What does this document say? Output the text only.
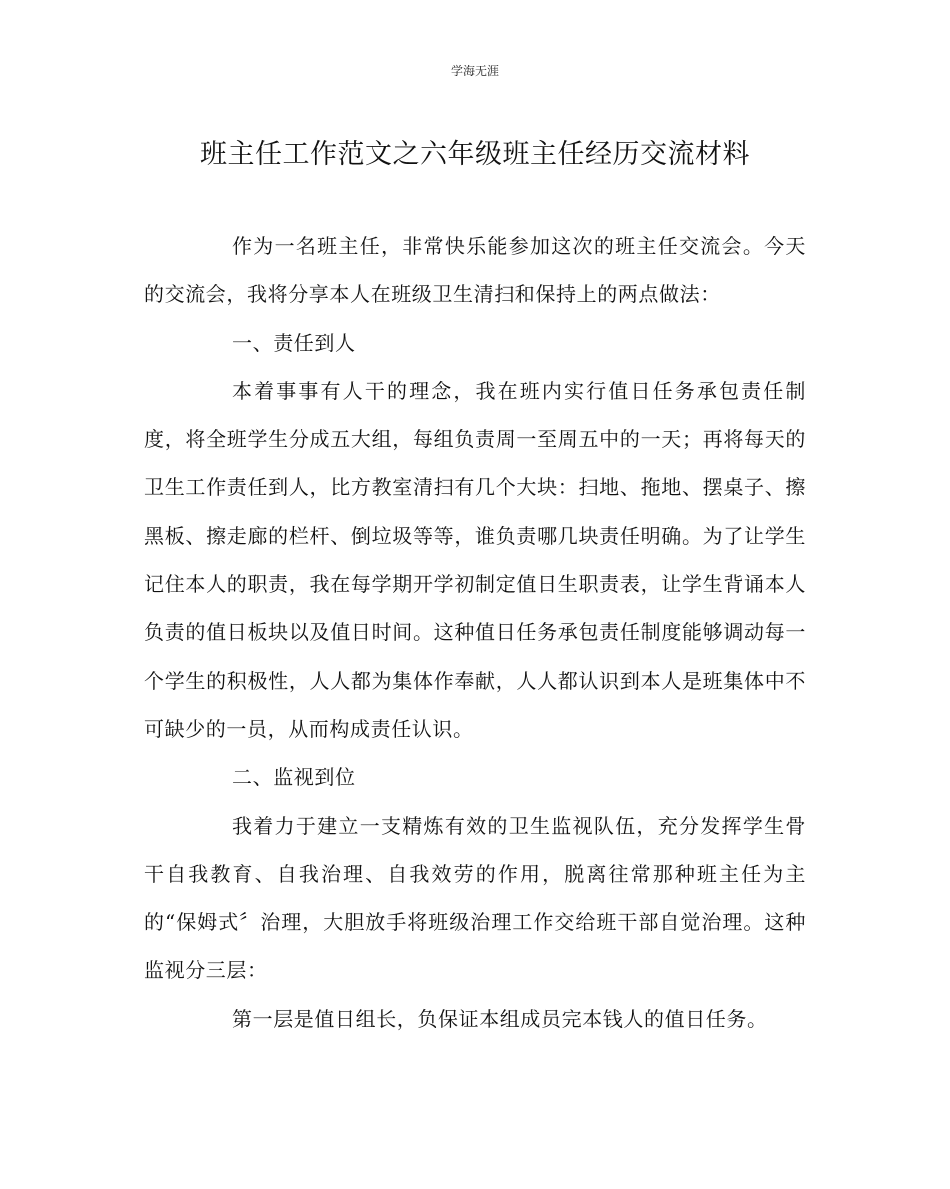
学海无涯
班主任工作范文之六年级班主任经历交流材料

作为一名班主任，非常快乐能参加这次的班主任交流会。今天的交流会，我将分享本人在班级卫生清扫和保持上的两点做法：

一、责任到人

本着事事有人干的理念，我在班内实行值日任务承包责任制度，将全班学生分成五大组，每组负责周一至周五中的一天；再将每天的卫生工作责任到人，比方教室清扫有几个大块：扫地、拖地、摆桌子、擦黑板、擦走廊的栏杆、倒垃圾等等，谁负责哪几块责任明确。为了让学生记住本人的职责，我在每学期开学初制定值日生职责表，让学生背诵本人负责的值日板块以及值日时间。这种值日任务承包责任制度能够调动每一个学生的积极性，人人都为集体作奉献，人人都认识到本人是班集体中不可缺少的一员，从而构成责任认识。

二、监视到位

我着力于建立一支精炼有效的卫生监视队伍，充分发挥学生骨干自我教育、自我治理、自我效劳的作用，脱离往常那种班主任为主的“保姆式〞治理，大胆放手将班级治理工作交给班干部自觉治理。这种监视分三层：

第一层是值日组长，负保证本组成员完本钱人的值日任务。
